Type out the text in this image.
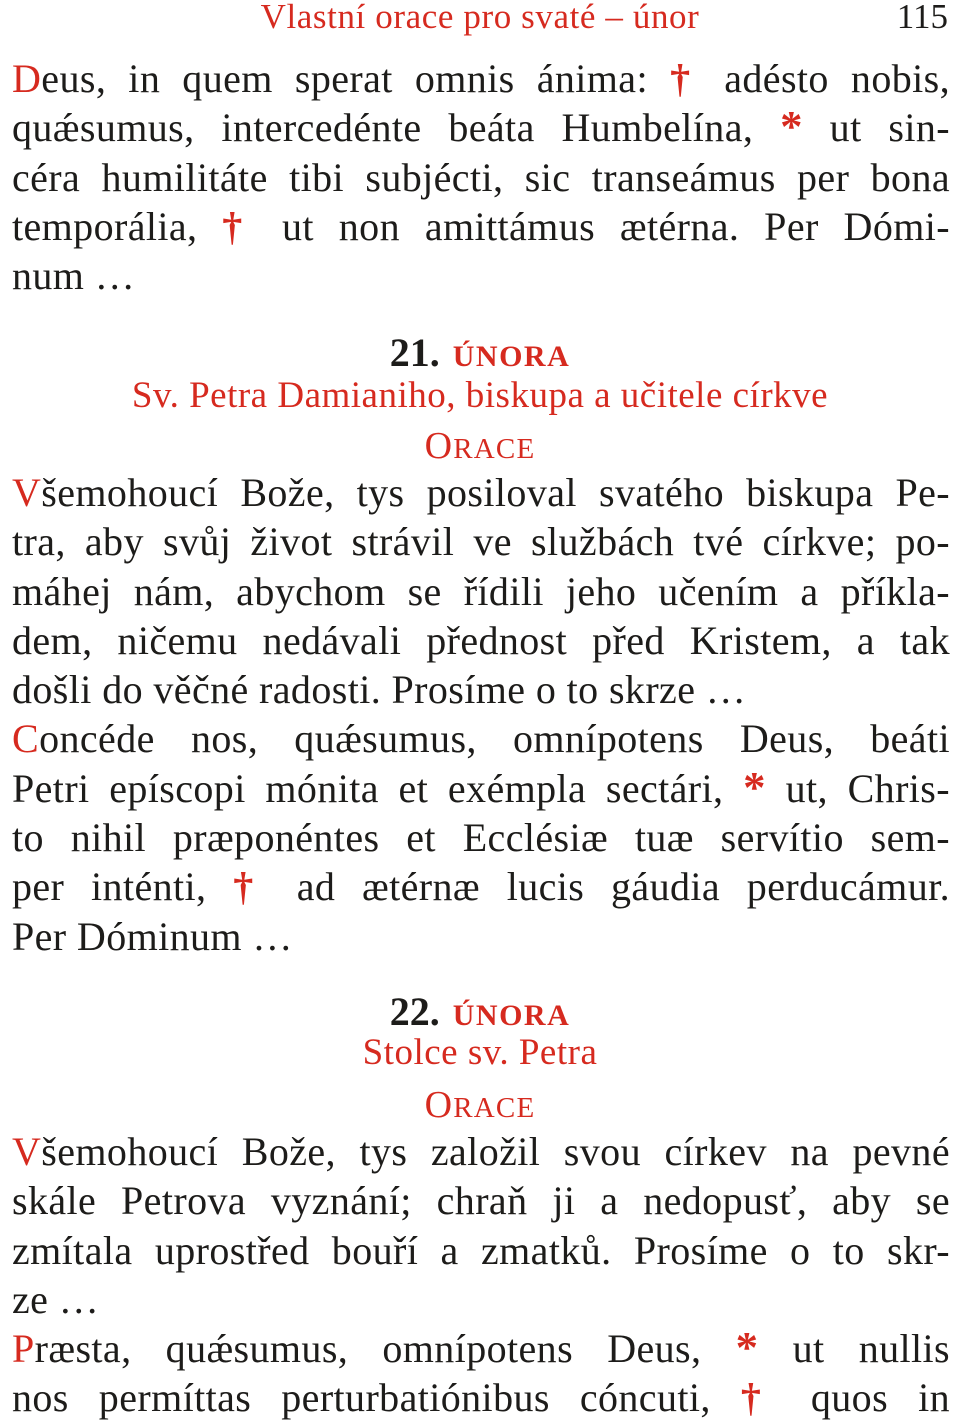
Vlastní orace pro svaté – únor	115
Deus, in quem sperat omnis ánima: † adésto nobis,
quǽsumus, intercedénte beáta Humbelína, * ut sin-
céra humilitáte tibi subjécti, sic transeámus per bona
temporália, † ut non amittámus ætérna. Per Dómi-
num …
21. ÚNORA
Sv. Petra Damianiho, biskupa a učitele církve
ORACE
Všemohoucí Bože, tys posiloval svatého biskupa Pe-
tra, aby svůj život strávil ve službách tvé církve; po-
máhej nám, abychom se řídili jeho učením a příkla-
dem, ničemu nedávali přednost před Kristem, a tak
došli do věčné radosti. Prosíme o to skrze …
Concéde nos, quǽsumus, omnípotens Deus, beáti
Petri epíscopi mónita et exémpla sectári, * ut, Chris-
to nihil præponéntes et Ecclésiæ tuæ servítio sem-
per inténti, † ad ætérnæ lucis gáudia perducámur.
Per Dóminum …
22. ÚNORA
Stolce sv. Petra
ORACE
Všemohoucí Bože, tys založil svou církev na pevné
skále Petrova vyznání; chraň ji a nedopusť, aby se
zmítala uprostřed bouří a zmatků. Prosíme o to skr-
ze …
Præsta, quǽsumus, omnípotens Deus, * ut nullis
nos permíttas perturbatiónibus cóncuti, † quos in
